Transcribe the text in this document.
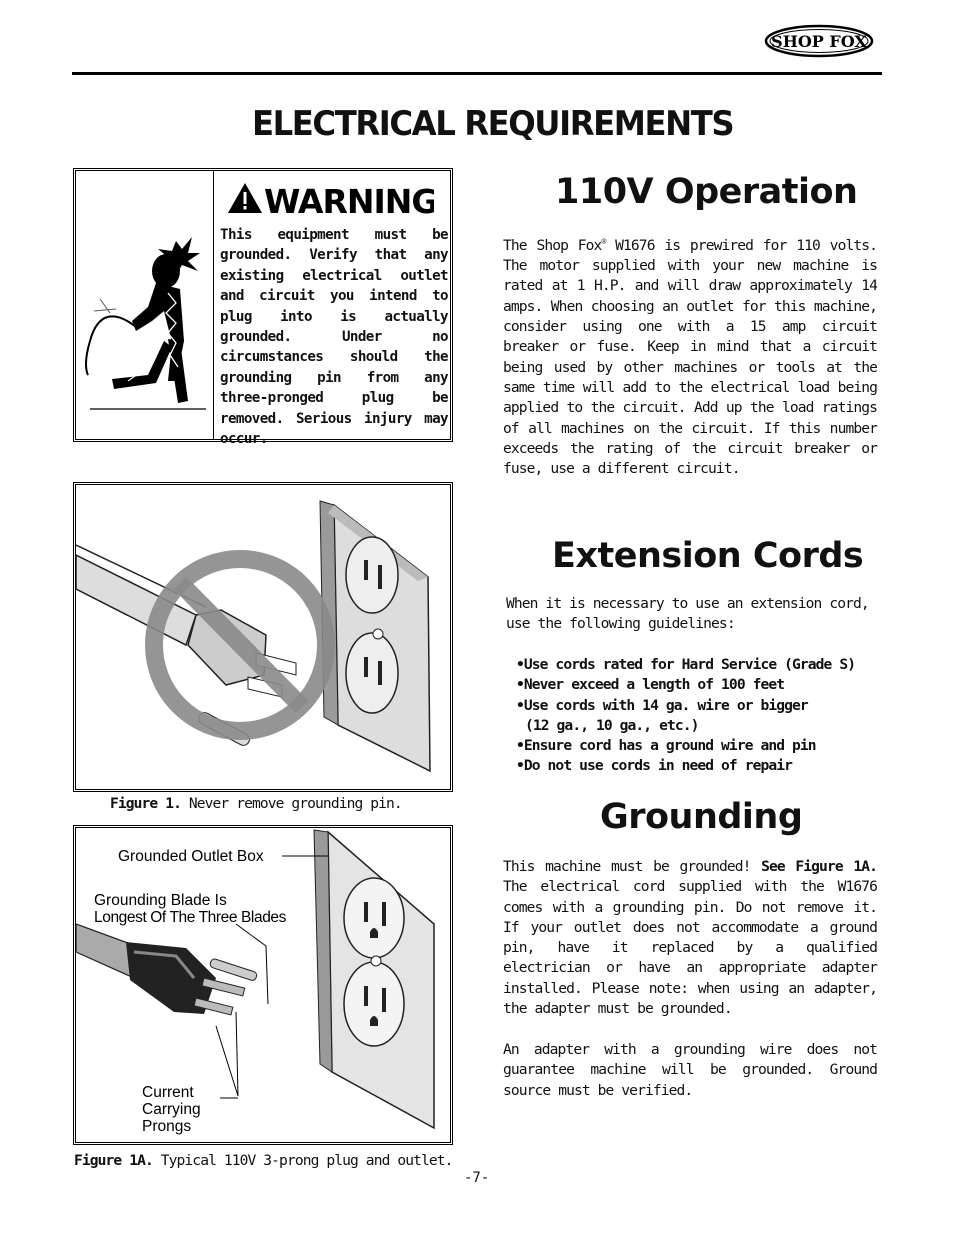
SHOP FOX
ELECTRICAL REQUIREMENTS
WARNING
This equipment must be grounded. Verify that any existing electrical outlet and circuit you intend to plug into is actually grounded. Under no circumstances should the grounding pin from any three-pronged plug be removed. Serious injury may occur.
110V Operation
The Shop Fox® W1676 is prewired for 110 volts. The motor supplied with your new machine is rated at 1 H.P. and will draw approximately 14 amps. When choosing an outlet for this machine, consider using one with a 15 amp circuit breaker or fuse. Keep in mind that a circuit being used by other machines or tools at the same time will add to the electrical load being applied to the circuit. Add up the load ratings of all machines on the circuit. If this number exceeds the rating of the circuit breaker or fuse, use a different circuit.
Figure 1. Never remove grounding pin.
Extension Cords
When it is necessary to use an extension cord, use the following guidelines:
•Use cords rated for Hard Service (Grade S)
•Never exceed a length of 100 feet
•Use cords with 14 ga. wire or bigger
(12 ga., 10 ga., etc.)
•Ensure cord has a ground wire and pin
•Do not use cords in need of repair
Grounding
This machine must be grounded! See Figure 1A. The electrical cord supplied with the W1676 comes with a grounding pin. Do not remove it. If your outlet does not accommodate a ground pin, have it replaced by a qualified electrician or have an appropriate adapter installed. Please note: when using an adapter, the adapter must be grounded.
An adapter with a grounding wire does not guarantee machine will be grounded. Ground source must be verified.
Grounded Outlet Box
Grounding Blade Is
Longest Of The Three Blades
Current
Carrying
Prongs
Figure 1A. Typical 110V 3-prong plug and outlet.
-7-
